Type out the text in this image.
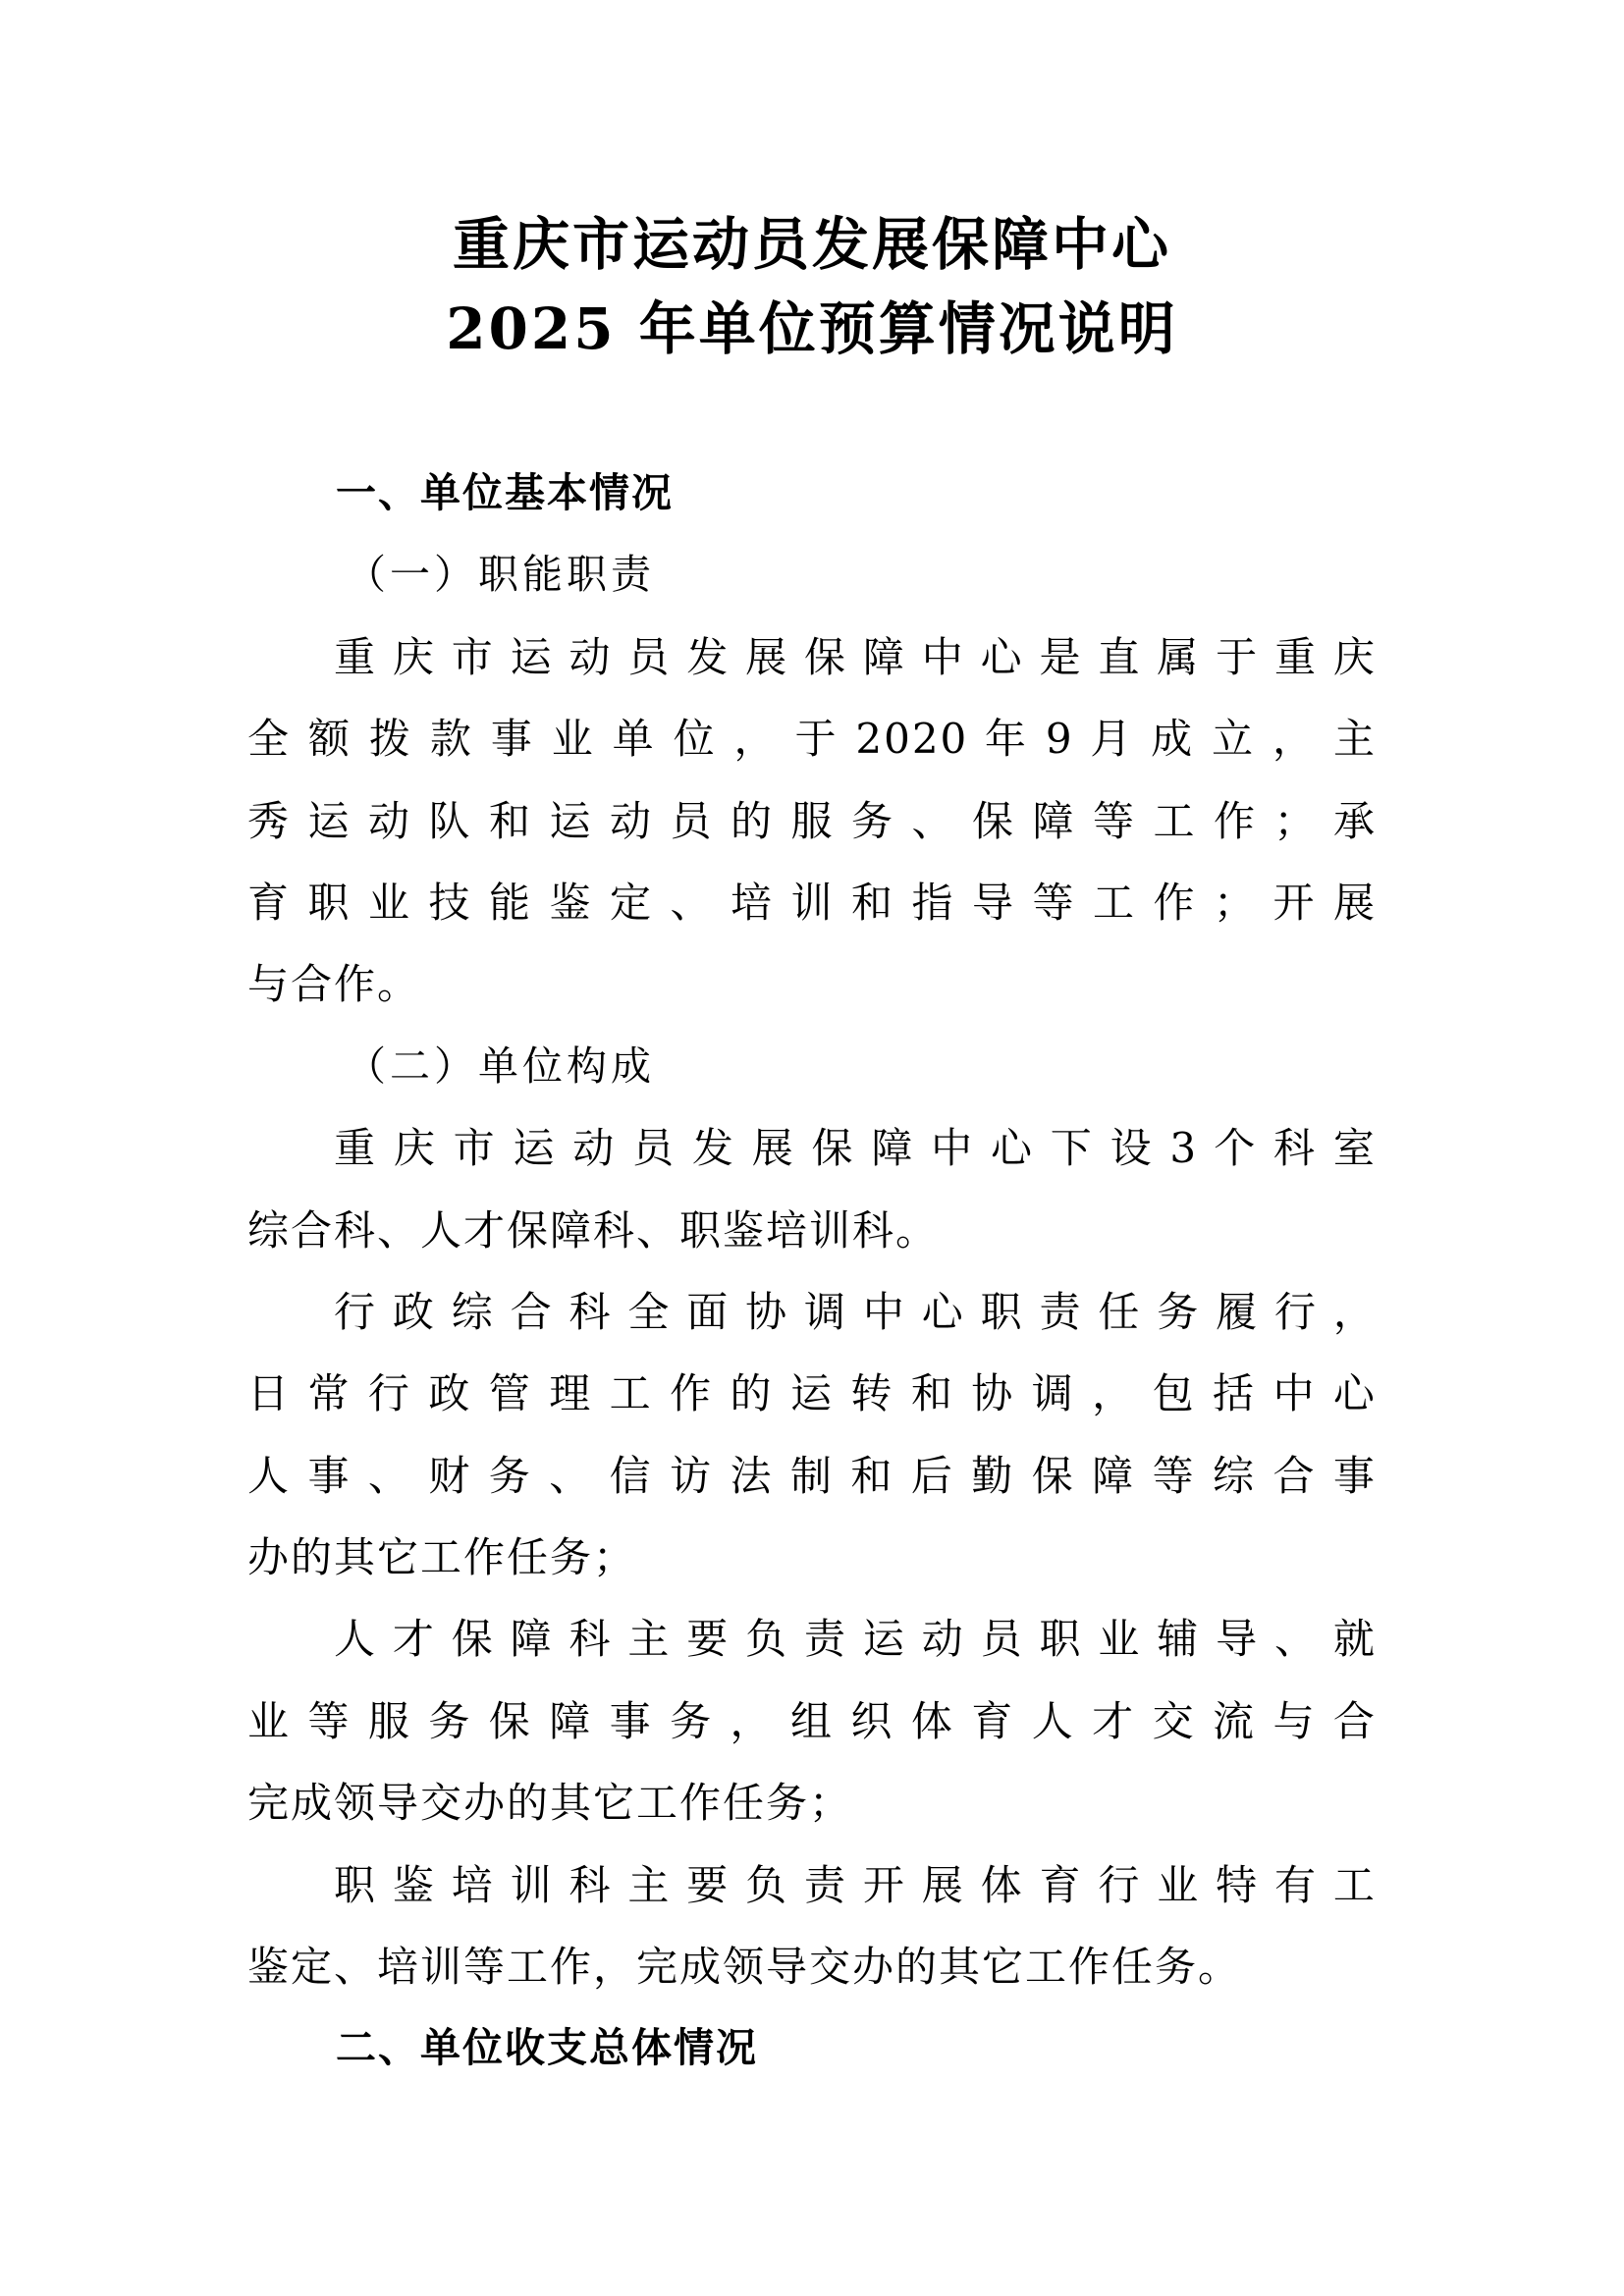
重庆市运动员发展保障中心
2025 年单位预算情况说明
一、单位基本情况
（一）职能职责
重 庆 市 运 动 员 发 展 保 障 中 心 是 直 属 于 重 庆
全 额 拨 款 事 业 单 位 ， 于 2020 年 9 月 成 立 ， 主
秀 运 动 队 和 运 动 员 的 服 务 、 保 障 等 工 作 ； 承
育 职 业 技 能 鉴 定 、 培 训 和 指 导 等 工 作 ； 开 展
与合作。
（二）单位构成
重 庆 市 运 动 员 发 展 保 障 中 心 下 设 3 个 科 室
综合科、人才保障科、职鉴培训科。
行 政 综 合 科 全 面 协 调 中 心 职 责 任 务 履 行 ，
日 常 行 政 管 理 工 作 的 运 转 和 协 调 ， 包 括 中 心
人 事 、 财 务 、 信 访 法 制 和 后 勤 保 障 等 综 合 事
办的其它工作任务；
人 才 保 障 科 主 要 负 责 运 动 员 职 业 辅 导 、 就
业 等 服 务 保 障 事 务 ， 组 织 体 育 人 才 交 流 与 合
完成领导交办的其它工作任务；
职 鉴 培 训 科 主 要 负 责 开 展 体 育 行 业 特 有 工
鉴定、培训等工作，完成领导交办的其它工作任务。
二、单位收支总体情况
